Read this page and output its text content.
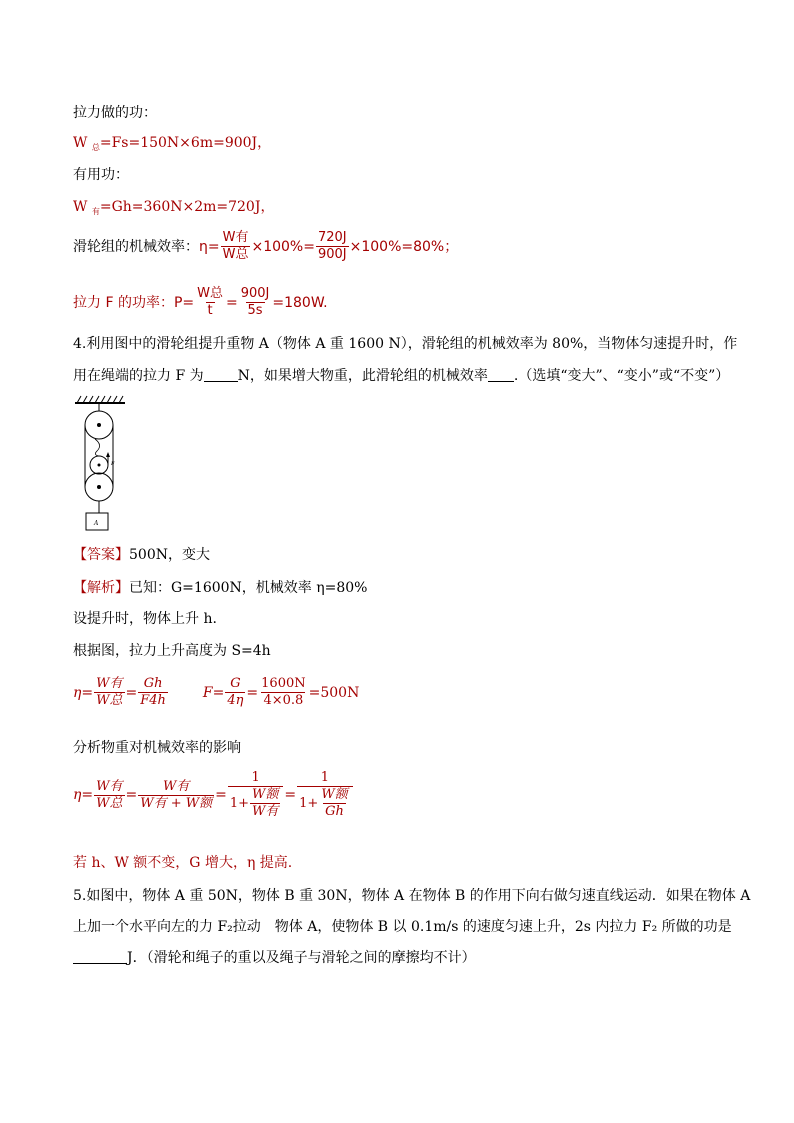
拉力做的功：
W $_总$=Fs=150N×6m=900J，
有用功：
W $_有$=Gh=360N×2m=720J，
滑轮组的机械效率： $\eta= \frac{\text{W有}}{\text{W总}} \times 100\%= \frac{720J}{900J} \times 100\%=80\%$；
拉力 F 的功率：$P= \frac{\text{W总}}{t} = \frac{900J}{5s} =180W$.
4.利用图中的滑轮组提升重物 A（物体 A 重 1600 N），滑轮组的机械效率为 80%，当物体匀速提升时，作
用在绳端的拉力 F 为 N，如果增大物重，此滑轮组的机械效率 .（选填“变大”、“变小”或“不变”）
F
A
【答案】500N，变大
【解析】已知：G=1600N，机械效率 η=80%
设提升时，物体上升 h.
根据图，拉力上升高度为 S=4h
$\eta= \frac{\text{W有}}{\text{W总}} = \frac{Gh}{F4h}$	$F= \frac{G}{4\eta} = \frac{1600N}{4\times 0.8} =500N$
分析物重对机械效率的影响
$\eta= \frac{\text{W有}}{\text{W总}} = \frac{\text{W有}}{\text{W有 + W额}} = \frac{1}{1+ \frac{\text{W额}}{\text{W有}}} = \frac{1}{1+ \frac{\text{W额}}{Gh}}$
若 h、W 额不变，G 增大，η 提高.
5.如图中，物体 A 重 50N，物体 B 重 30N，物体 A 在物体 B 的作用下向右做匀速直线运动．如果在物体 A
上加一个水平向左的力 F₂拉动　物体 A，使物体 B 以 0.1m/s 的速度匀速上升，2s 内拉力 F₂ 所做的功是
J．（滑轮和绳子的重以及绳子与滑轮之间的摩擦均不计）
